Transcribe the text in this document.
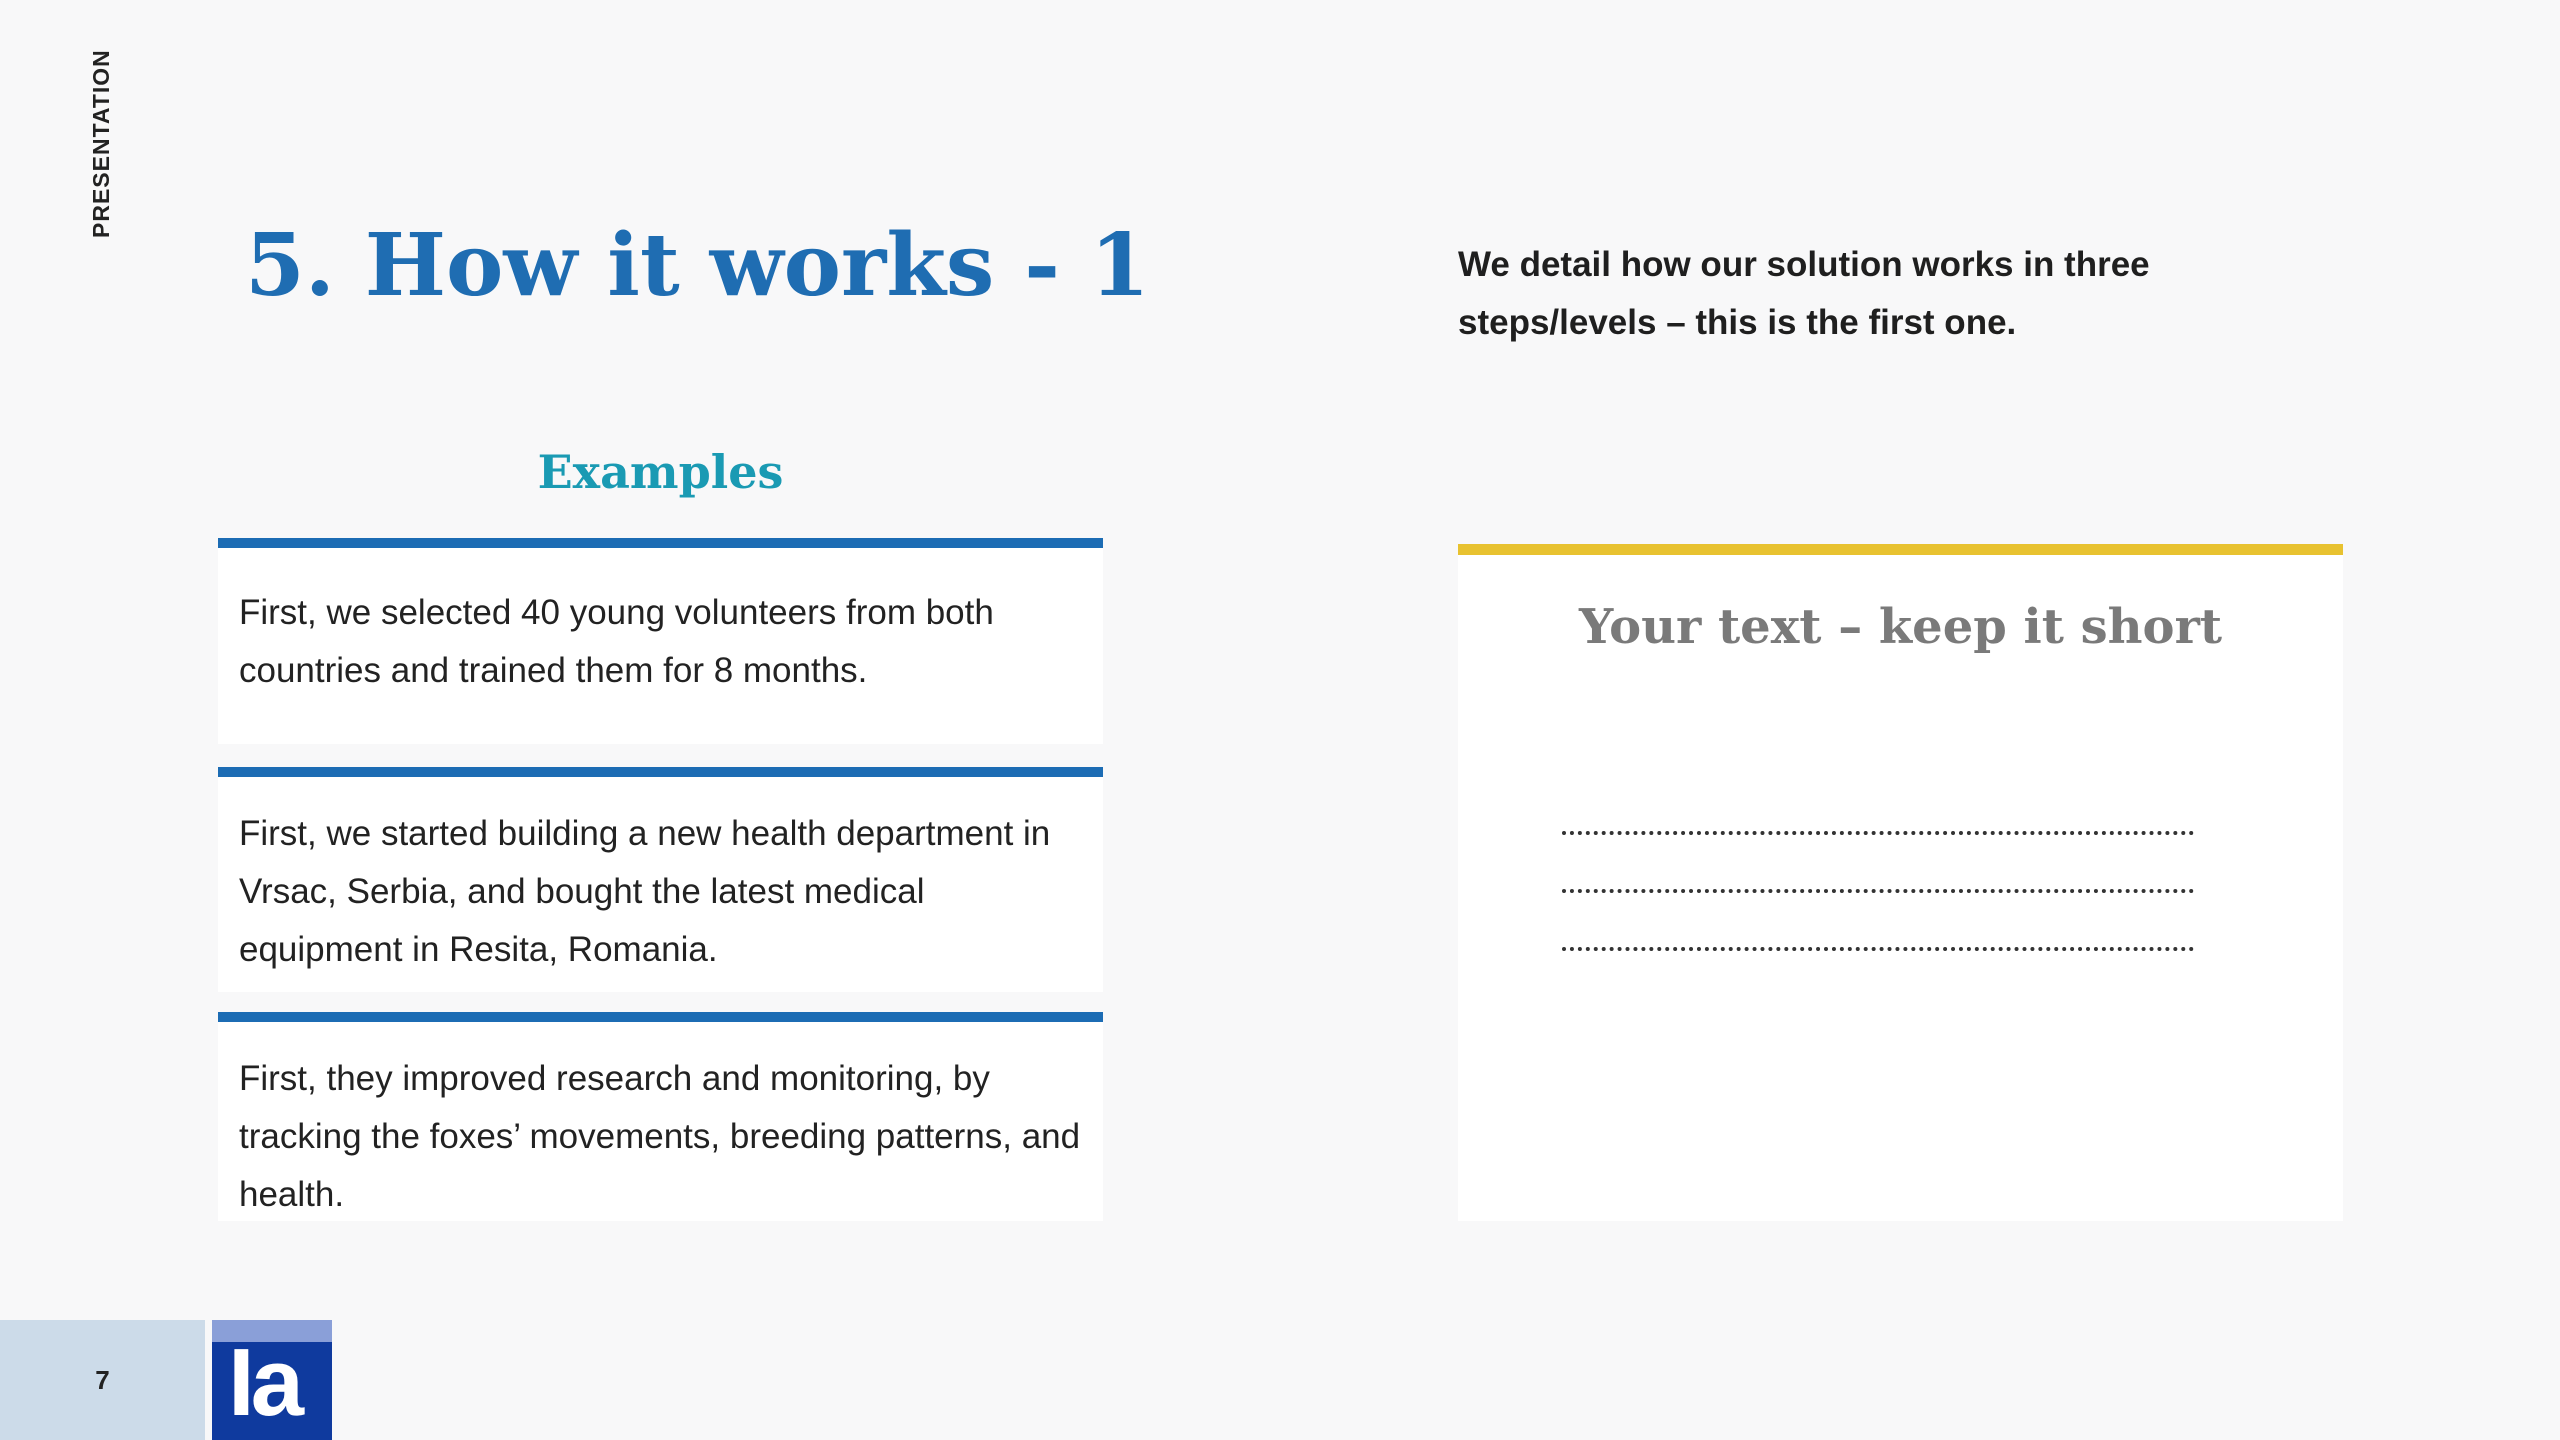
PRESENTATION
5. How it works - 1	We detail how our solution works in three steps/levels – this is the first one.

Examples

First, we selected 40 young volunteers from both countries and trained them for 8 months.

First, we started building a new health department in Vrsac, Serbia, and bought the latest medical equipment in Resita, Romania.

First, they improved research and monitoring, by tracking the foxes’ movements, breeding patterns, and health.

Your text – keep it short
7 Ia
